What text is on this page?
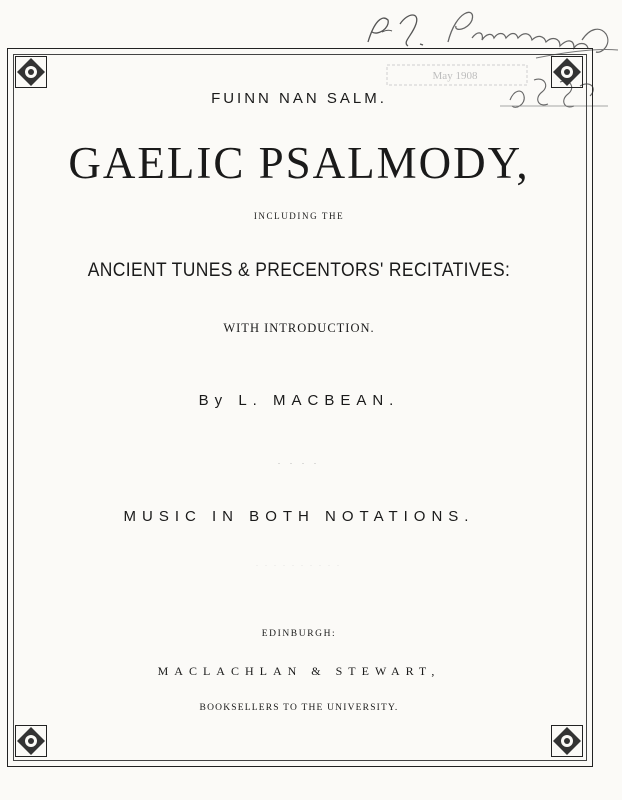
May 1908
FUINN NAN SALM.
GAELIC PSALMODY,
INCLUDING THE
ANCIENT TUNES & PRECENTORS' RECITATIVES:
WITH INTRODUCTION.
By L. MACBEAN.
. . . .
MUSIC IN BOTH NOTATIONS.
. . . . . . . . . .
EDINBURGH:
MACLACHLAN & STEWART,
BOOKSELLERS TO THE UNIVERSITY.
